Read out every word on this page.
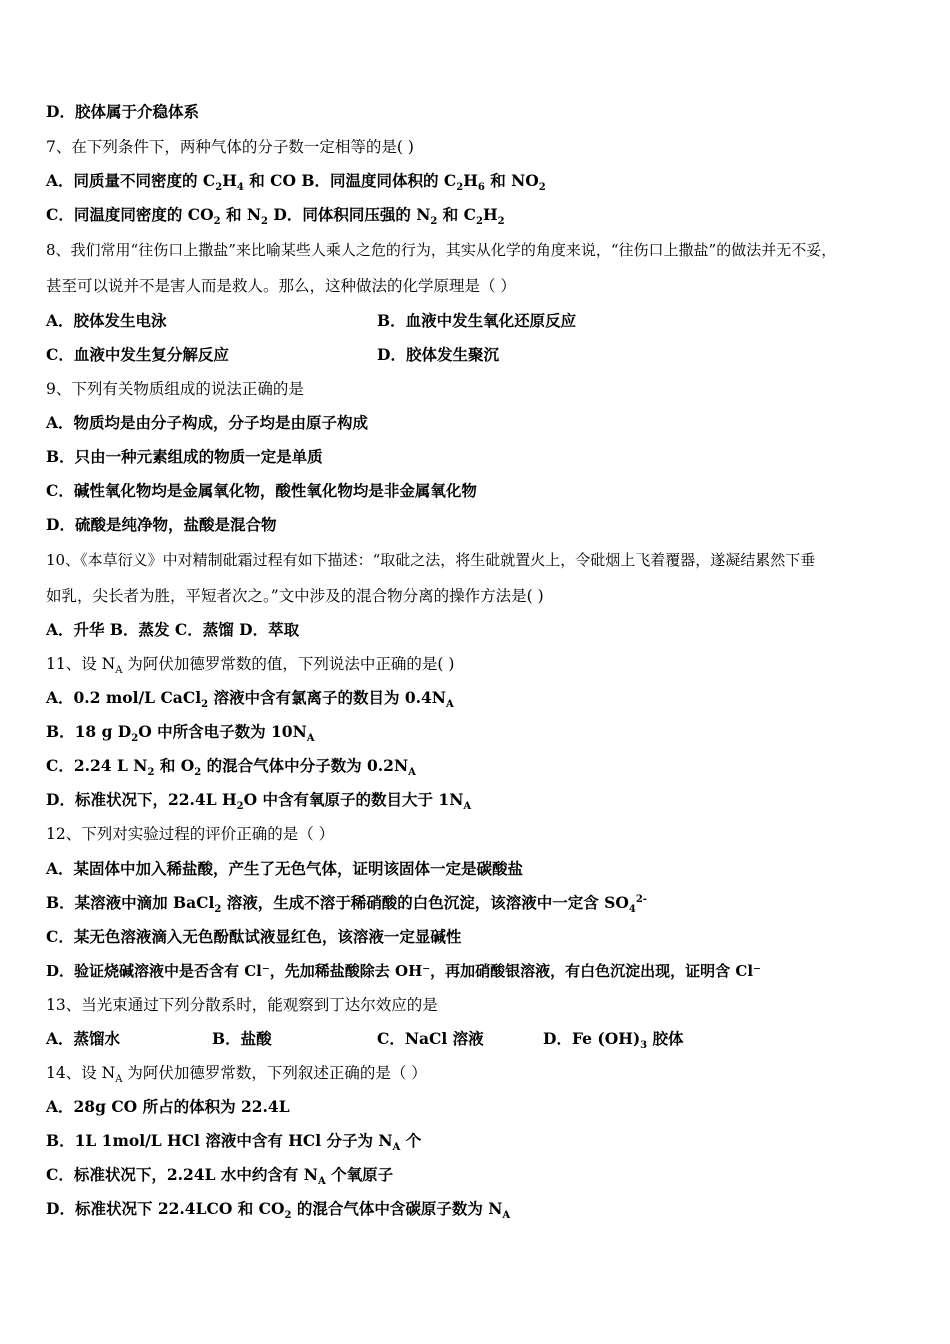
D．胶体属于介稳体系
7、在下列条件下，两种气体的分子数一定相等的是( )
A．同质量不同密度的 $C_2H_4$ 和 CO B．同温度同体积的 $C_2H_6$ 和 $NO_2$
C．同温度同密度的 $CO_2$ 和 $N_2$ D．同体积同压强的 $N_2$ 和 $C_2H_2$
8、我们常用“往伤口上撒盐”来比喻某些人乘人之危的行为，其实从化学的角度来说，“往伤口上撒盐”的做法并无不妥，
甚至可以说并不是害人而是救人。那么，这种做法的化学原理是（ ）
A．胶体发生电泳	B．血液中发生氧化还原反应
C．血液中发生复分解反应	D．胶体发生聚沉
9、下列有关物质组成的说法正确的是
A．物质均是由分子构成，分子均是由原子构成
B．只由一种元素组成的物质一定是单质
C．碱性氧化物均是金属氧化物，酸性氧化物均是非金属氧化物
D．硫酸是纯净物，盐酸是混合物
10、《本草衍义》中对精制砒霜过程有如下描述：“取砒之法，将生砒就置火上，令砒烟上飞着覆器，遂凝结累然下垂
如乳，尖长者为胜，平短者次之。”文中涉及的混合物分离的操作方法是( )
A．升华 B．蒸发 C．蒸馏 D．萃取
11、设 $N_A$ 为阿伏加德罗常数的值，下列说法中正确的是( )
A．0.2 mol/L CaCl$_2$ 溶液中含有氯离子的数目为 $0.4N_A$
B．18 g $D_2O$ 中所含电子数为 $10N_A$
C．2.24 L $N_2$ 和 $O_2$ 的混合气体中分子数为 $0.2N_A$
D．标准状况下，22.4L $H_2O$ 中含有氧原子的数目大于 $1N_A$
12、下列对实验过程的评价正确的是（ ）
A．某固体中加入稀盐酸，产生了无色气体，证明该固体一定是碳酸盐
B．某溶液中滴加 BaCl$_2$ 溶液，生成不溶于稀硝酸的白色沉淀，该溶液中一定含 $SO_4^{2-}$
C．某无色溶液滴入无色酚酞试液显红色，该溶液一定显碱性
D．验证烧碱溶液中是否含有 Cl⁻，先加稀盐酸除去 OH⁻，再加硝酸银溶液，有白色沉淀出现，证明含 Cl⁻
13、当光束通过下列分散系时，能观察到丁达尔效应的是
A．蒸馏水	B．盐酸	C．NaCl 溶液	D．Fe $(OH)_3$ 胶体
14、设 $N_A$ 为阿伏加德罗常数，下列叙述正确的是（ ）
A．28g CO 所占的体积为 22.4L
B．1L 1mol/L HCl 溶液中含有 HCl 分子为 $N_A$ 个
C．标准状况下，2.24L 水中约含有 $N_A$ 个氧原子
D．标准状况下 22.4LCO 和 $CO_2$ 的混合气体中含碳原子数为 $N_A$
